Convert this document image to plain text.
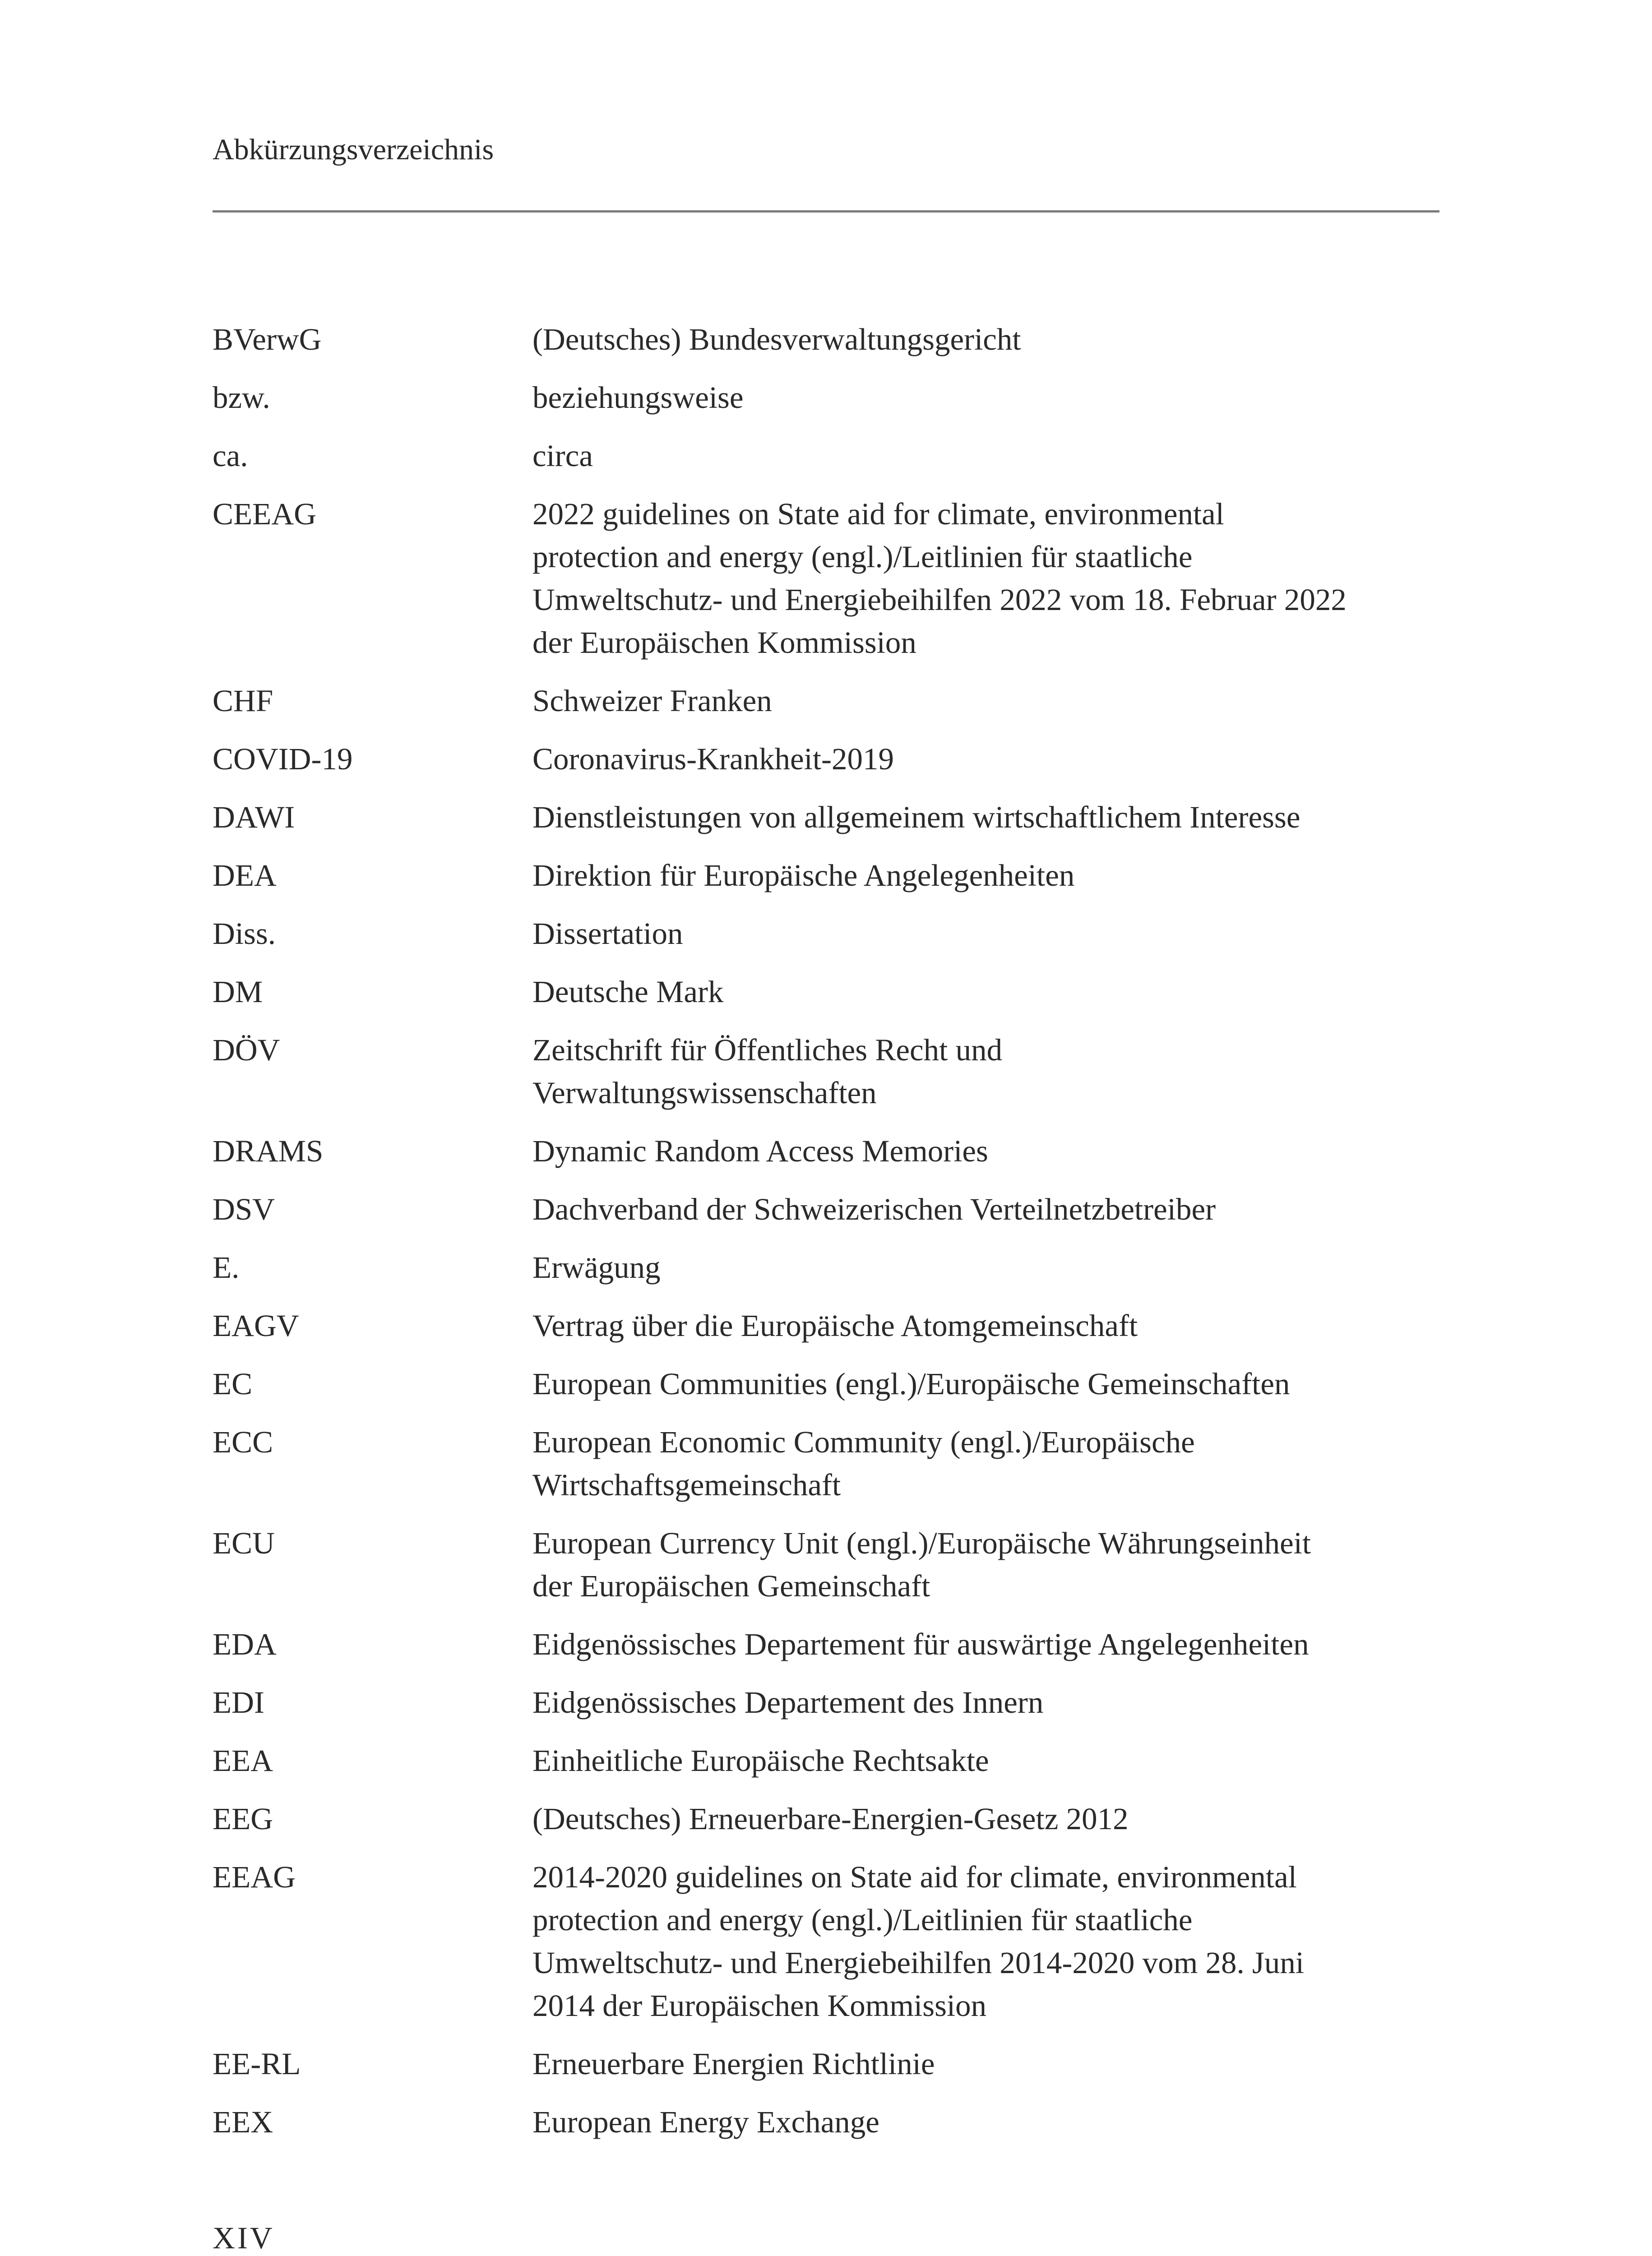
Abkürzungsverzeichnis
BVerwG	(Deutsches) Bundesverwaltungsgericht
bzw.	beziehungsweise
ca.	circa
CEEAG	2022 guidelines on State aid for climate, environmental
protection and energy (engl.)/Leitlinien für staatliche
Umweltschutz- und Energiebeihilfen 2022 vom 18. Februar 2022
der Europäischen Kommission
CHF	Schweizer Franken
COVID-19	Coronavirus-Krankheit-2019
DAWI	Dienstleistungen von allgemeinem wirtschaftlichem Interesse
DEA	Direktion für Europäische Angelegenheiten
Diss.	Dissertation
DM	Deutsche Mark
DÖV	Zeitschrift für Öffentliches Recht und
Verwaltungswissenschaften
DRAMS	Dynamic Random Access Memories
DSV	Dachverband der Schweizerischen Verteilnetzbetreiber
E.	Erwägung
EAGV	Vertrag über die Europäische Atomgemeinschaft
EC	European Communities (engl.)/Europäische Gemeinschaften
ECC	European Economic Community (engl.)/Europäische
Wirtschaftsgemeinschaft
ECU	European Currency Unit (engl.)/Europäische Währungseinheit
der Europäischen Gemeinschaft
EDA	Eidgenössisches Departement für auswärtige Angelegenheiten
EDI	Eidgenössisches Departement des Innern
EEA	Einheitliche Europäische Rechtsakte
EEG	(Deutsches) Erneuerbare-Energien-Gesetz 2012
EEAG	2014-2020 guidelines on State aid for climate, environmental
protection and energy (engl.)/Leitlinien für staatliche
Umweltschutz- und Energiebeihilfen 2014-2020 vom 28. Juni
2014 der Europäischen Kommission
EE-RL	Erneuerbare Energien Richtlinie
EEX	European Energy Exchange
XIV
